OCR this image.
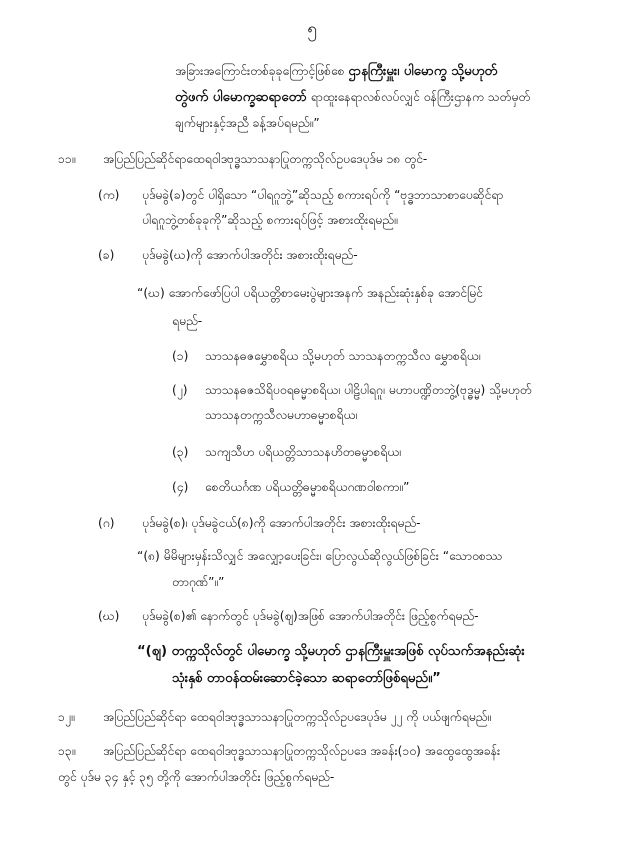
၅
အခြားအကြောင်းတစ်ခုခုကြောင့်ဖြစ်စေ ဌာနကြီးမှူး၊ ပါမောက္ခ သို့မဟုတ်
တွဲဖက် ပါမောက္ခဆရာတော် ရာထူးနေရာလစ်လပ်လျှင် ဝန်ကြီးဌာနက သတ်မှတ်
ချက်များနှင့်အညီ ခန့်အပ်ရမည်။”
၁၁။ အပြည်ပြည်ဆိုင်ရာထေရဝါဒဗုဒ္ဓသာသနာပြုတက္ကသိုလ်ဥပဒေပုဒ်မ ၁၈ တွင်-
(က) ပုဒ်မခွဲ(ခ)တွင် ပါရှိသော “ပါရဂူဘွဲ့”ဆိုသည့် စကားရပ်ကို “ဗုဒ္ဓဘာသာစာပေဆိုင်ရာ
ပါရဂူဘွဲ့တစ်ခုခုကို”ဆိုသည့် စကားရပ်ဖြင့် အစားထိုးရမည်။
(ခ) ပုဒ်မခွဲ(ဃ)ကို အောက်ပါအတိုင်း အစားထိုးရမည်-
“(ဃ) အောက်ဖော်ပြပါ ပရိယတ္တိစာမေးပွဲများအနက် အနည်းဆုံးနှစ်ခု အောင်မြင်
ရမည်-
(၁) သာသနဓဇမွှောစရိယ သို့မဟုတ် သာသနတက္ကသီလ မွှောစရိယ၊
(၂) သာသနဓဇသိရိပဝရဓမ္မာစရိယ၊ ပါဠိပါရဂူ၊ မဟာပဏ္ဍိတဘွဲ့(ဗုဒ္ဓမ္မ) သို့မဟုတ်
သာသနတက္ကသီလမဟာဓမ္မာစရိယ၊
(၃) သကျသီဟ ပရိယတ္တိသာသနဟိတဓမ္မာစရိယ၊
(၄) စေတိယင်္ဂဏ ပရိယတ္တိဓမ္မာစရိယဂဏဝါစကာ။”
(ဂ) ပုဒ်မခွဲ(စ)၊ ပုဒ်မခွဲငယ်(၈)ကို အောက်ပါအတိုင်း အစားထိုးရမည်-
“(၈) မိမိများမှန်းသိလျှင် အလျှော့ပေးခြင်း၊ ပြောလွယ်ဆိုလွယ်ဖြစ်ခြင်း “သောဝစဿ
တာဂုဏ်”။”
(ဃ) ပုဒ်မခွဲ(စ)၏ နောက်တွင် ပုဒ်မခွဲ(ဈ)အဖြစ် အောက်ပါအတိုင်း ဖြည့်စွက်ရမည်-
“(ဈ) တက္ကသိုလ်တွင် ပါမောက္ခ သို့မဟုတ် ဌာနကြီးမှူးအဖြစ် လုပ်သက်အနည်းဆုံး
သုံးနှစ် တာဝန်ထမ်းဆောင်ခဲ့သော ဆရာတော်ဖြစ်ရမည်။”
၁၂။ အပြည်ပြည်ဆိုင်ရာ ထေရဝါဒဗုဒ္ဓသာသနာပြုတက္ကသိုလ်ဥပဒေပုဒ်မ ၂၂ ကို ပယ်ဖျက်ရမည်။
၁၃။ အပြည်ပြည်ဆိုင်ရာ ထေရဝါဒဗုဒ္ဓသာသနာပြုတက္ကသိုလ်ဥပဒေ အခန်း(၁၀) အထွေထွေအခန်း
တွင် ပုဒ်မ ၃၄ နှင့် ၃၅ တို့ကို အောက်ပါအတိုင်း ဖြည့်စွက်ရမည်-
